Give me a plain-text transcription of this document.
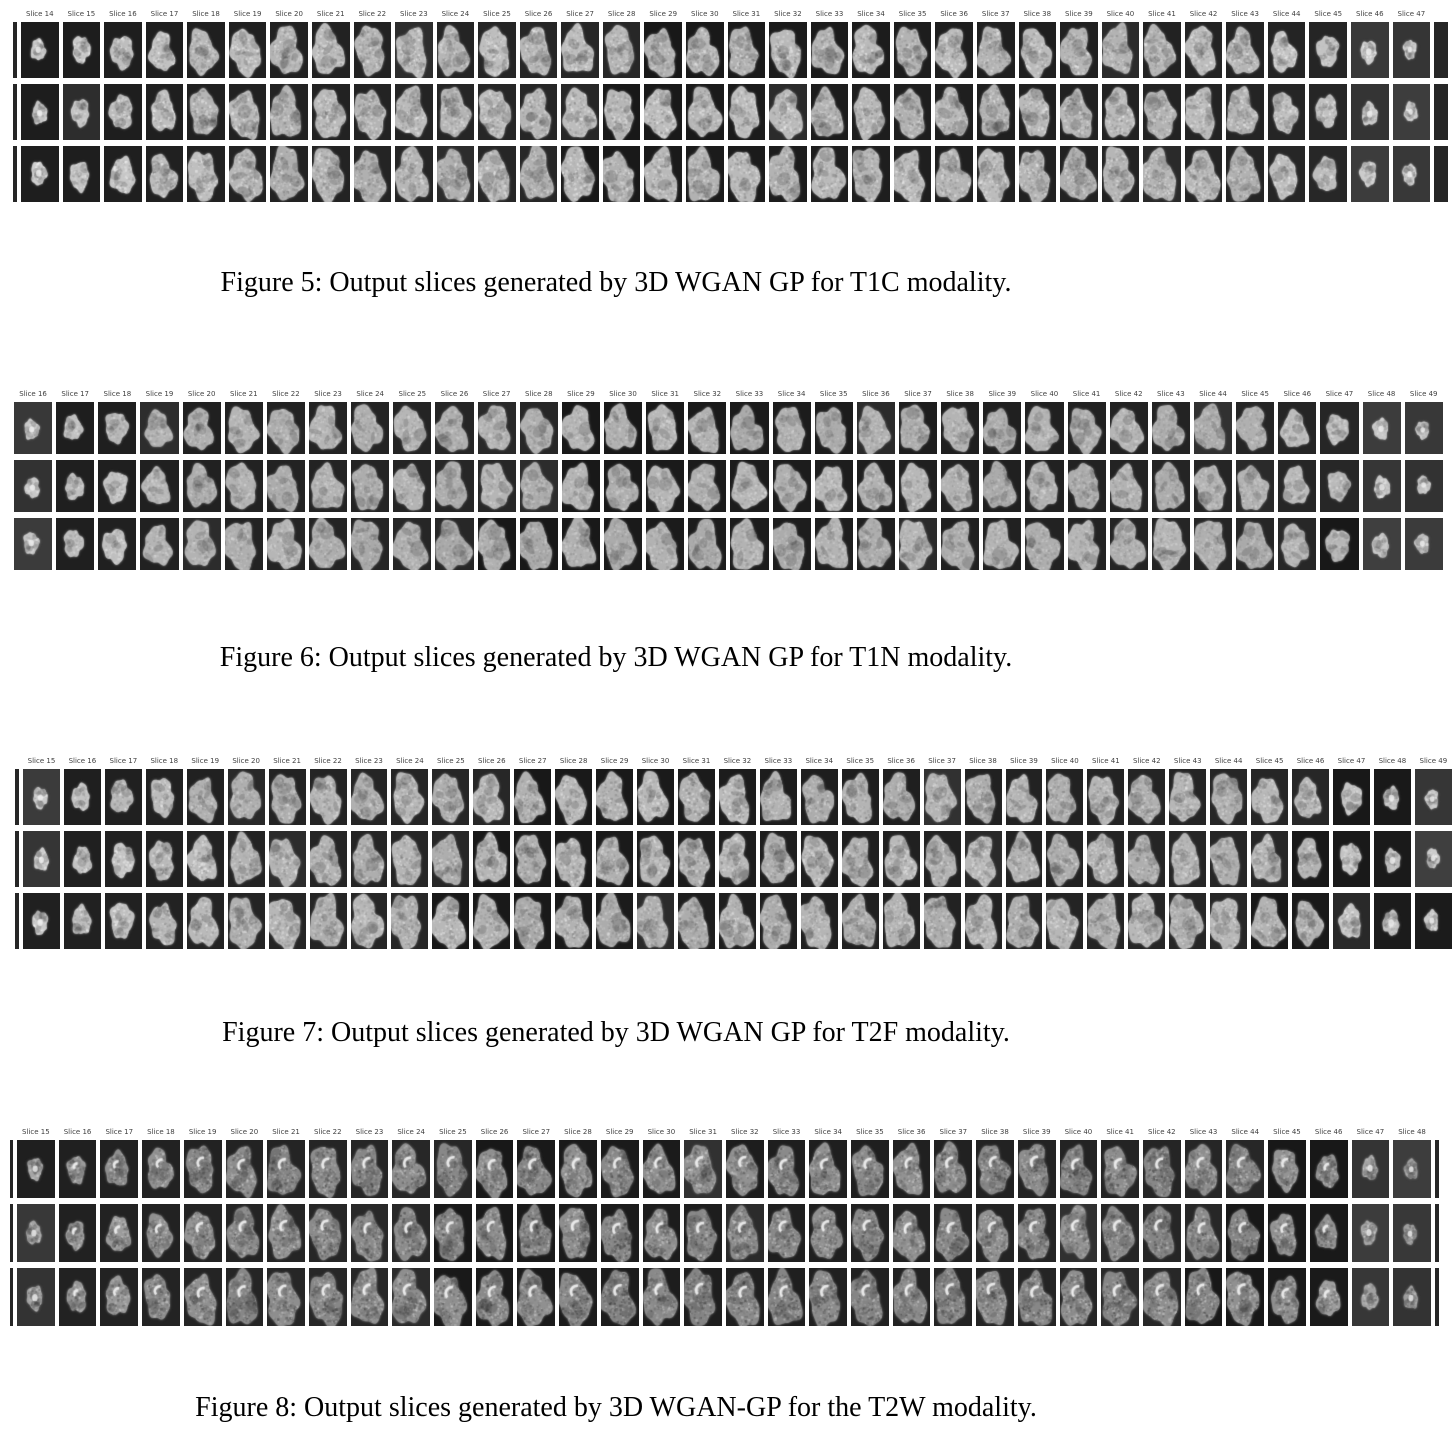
Slice 14	Slice 15	Slice 16	Slice 17	Slice 18	Slice 19	Slice 20	Slice 21	Slice 22	Slice 23	Slice 24	Slice 25	Slice 26	Slice 27	Slice 28	Slice 29	Slice 30	Slice 31	Slice 32	Slice 33	Slice 34	Slice 35	Slice 36	Slice 37	Slice 38	Slice 39	Slice 40	Slice 41	Slice 42	Slice 43	Slice 44	Slice 45	Slice 46	Slice 47

Figure 5: Output slices generated by 3D WGAN GP for T1C modality.

Slice 16	Slice 17	Slice 18	Slice 19	Slice 20	Slice 21	Slice 22	Slice 23	Slice 24	Slice 25	Slice 26	Slice 27	Slice 28	Slice 29	Slice 30	Slice 31	Slice 32	Slice 33	Slice 34	Slice 35	Slice 36	Slice 37	Slice 38	Slice 39	Slice 40	Slice 41	Slice 42	Slice 43	Slice 44	Slice 45	Slice 46	Slice 47	Slice 48	Slice 49

Figure 6: Output slices generated by 3D WGAN GP for T1N modality.

Slice 15	Slice 16	Slice 17	Slice 18	Slice 19	Slice 20	Slice 21	Slice 22	Slice 23	Slice 24	Slice 25	Slice 26	Slice 27	Slice 28	Slice 29	Slice 30	Slice 31	Slice 32	Slice 33	Slice 34	Slice 35	Slice 36	Slice 37	Slice 38	Slice 39	Slice 40	Slice 41	Slice 42	Slice 43	Slice 44	Slice 45	Slice 46	Slice 47	Slice 48	Slice 49

Figure 7: Output slices generated by 3D WGAN GP for T2F modality.

Slice 15	Slice 16	Slice 17	Slice 18	Slice 19	Slice 20	Slice 21	Slice 22	Slice 23	Slice 24	Slice 25	Slice 26	Slice 27	Slice 28	Slice 29	Slice 30	Slice 31	Slice 32	Slice 33	Slice 34	Slice 35	Slice 36	Slice 37	Slice 38	Slice 39	Slice 40	Slice 41	Slice 42	Slice 43	Slice 44	Slice 45	Slice 46	Slice 47	Slice 48

Figure 8: Output slices generated by 3D WGAN-GP for the T2W modality.
